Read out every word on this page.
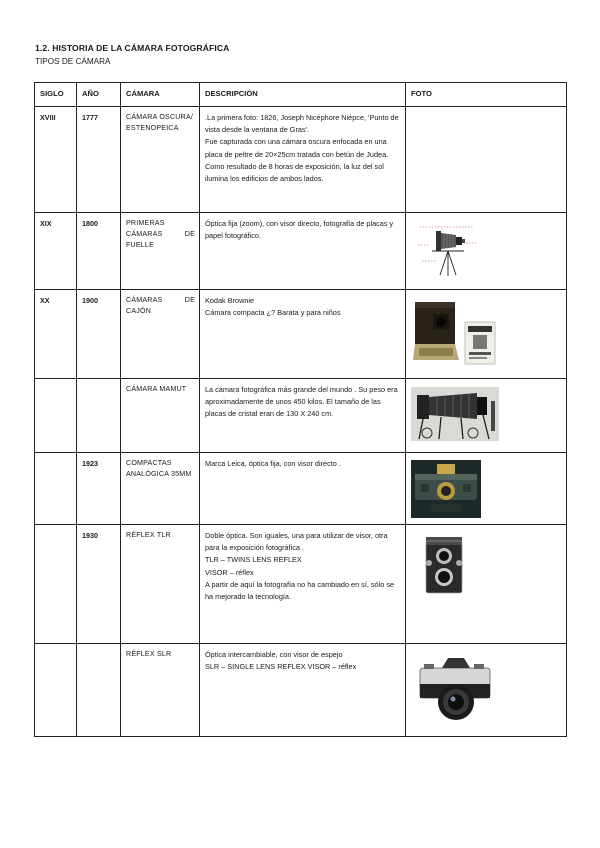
1.2. HISTORIA DE LA CÁMARA FOTOGRÁFICA
TIPOS DE CÁMARA
SIGLO	AÑO	CÁMARA	DESCRIPCIÓN	FOTO
XVIII	1777	CÁMARA OSCURA/ESTENOPEICA	.La primera foto: 1826, Joseph Nicéphore Niépce, 'Punto de vista desde la ventana de Gras'.
Fue capturada con una cámara oscura enfocada en una placa de peltre de 20×25cm tratada con betún de Judea. Como resultado de 8 horas de exposición, la luz del sol ilumina los edificios de ambos lados.	

XIX	1800	PRIMERAS CÁMARAS DE FUELLE	Óptica fija (zoom), con visor directo, fotografía de placas y papel fotográfico.

XX	1900	CÁMARAS DE CAJÓN	Kodak Brownie
Cámara compacta ¿? Barata y para niños

		CÁMARA MAMUT	La cámara fotográfica más grande del mundo . Su peso era aproximadamente de unos 450 kilos. El tamaño de las placas de cristal eran de 130 X 240 cm.

	1923	COMPACTAS ANALÓGICA 35MM	Marca Leica, óptica fija, con visor directo .

	1930	RÉFLEX TLR	Doble óptica. Son iguales, una para utilizar de visor, otra para la exposición fotográfica .
TLR – TWINS LENS REFLEX
VISOR – réflex
A partir de aquí la fotografía no ha cambiado en sí, sólo se ha mejorado la tecnología.

		RÉFLEX SLR	Óptica intercambiable, con visor de espejo
SLR – SINGLE LENS REFLEX VISOR – réflex
